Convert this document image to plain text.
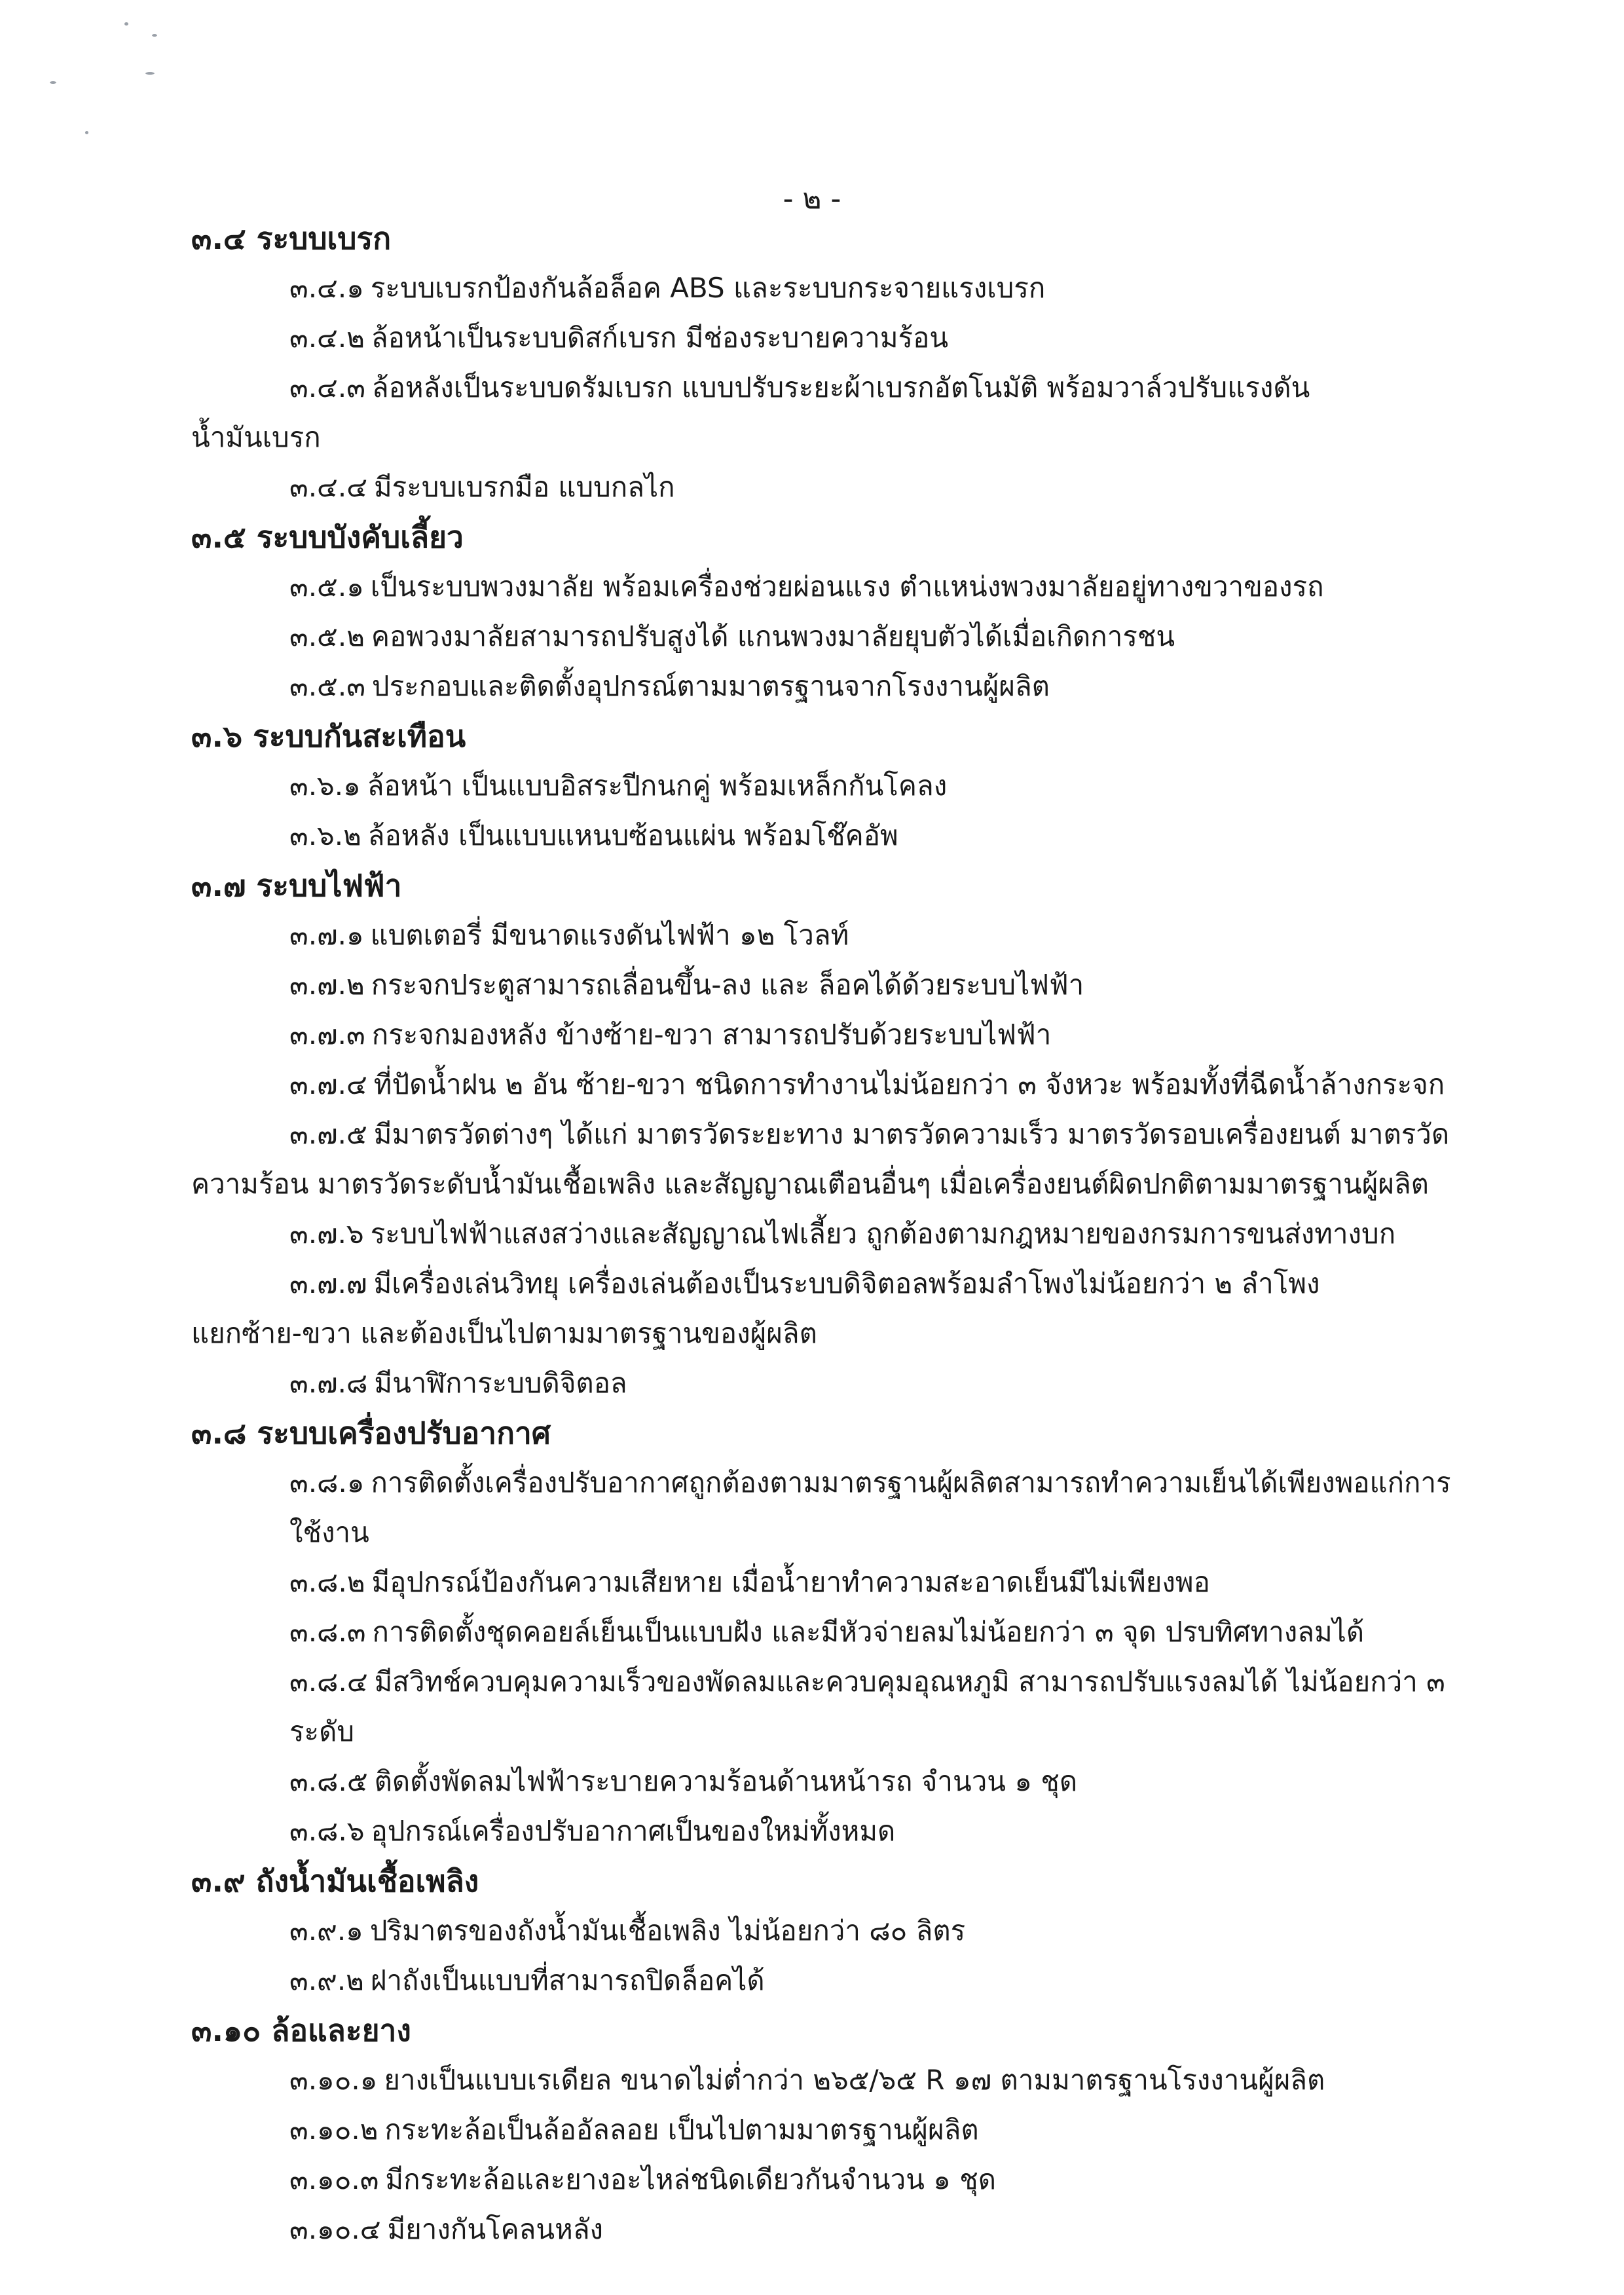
- ๒ -

๓.๔ ระบบเบรก

๓.๔.๑ ระบบเบรกป้องกันล้อล็อค ABS และระบบกระจายแรงเบรก

๓.๔.๒ ล้อหน้าเป็นระบบดิสก์เบรก มีช่องระบายความร้อน

๓.๔.๓ ล้อหลังเป็นระบบดรัมเบรก แบบปรับระยะผ้าเบรกอัตโนมัติ พร้อมวาล์วปรับแรงดัน
น้ำมันเบรก

๓.๔.๔ มีระบบเบรกมือ แบบกลไก

๓.๕ ระบบบังคับเลี้ยว

๓.๕.๑ เป็นระบบพวงมาลัย พร้อมเครื่องช่วยผ่อนแรง ตำแหน่งพวงมาลัยอยู่ทางขวาของรถ

๓.๕.๒ คอพวงมาลัยสามารถปรับสูงได้ แกนพวงมาลัยยุบตัวได้เมื่อเกิดการชน

๓.๕.๓ ประกอบและติดตั้งอุปกรณ์ตามมาตรฐานจากโรงงานผู้ผลิต

๓.๖ ระบบกันสะเทือน

๓.๖.๑ ล้อหน้า เป็นแบบอิสระปีกนกคู่ พร้อมเหล็กกันโคลง

๓.๖.๒ ล้อหลัง เป็นแบบแหนบซ้อนแผ่น พร้อมโช๊คอัพ

๓.๗ ระบบไฟฟ้า

๓.๗.๑ แบตเตอรี่ มีขนาดแรงดันไฟฟ้า ๑๒ โวลท์

๓.๗.๒ กระจกประตูสามารถเลื่อนขึ้น-ลง และ ล็อคได้ด้วยระบบไฟฟ้า

๓.๗.๓ กระจกมองหลัง ข้างซ้าย-ขวา สามารถปรับด้วยระบบไฟฟ้า

๓.๗.๔ ที่ปัดน้ำฝน ๒ อัน ซ้าย-ขวา ชนิดการทำงานไม่น้อยกว่า ๓ จังหวะ พร้อมทั้งที่ฉีดน้ำล้างกระจก

๓.๗.๕ มีมาตรวัดต่างๆ ได้แก่ มาตรวัดระยะทาง มาตรวัดความเร็ว มาตรวัดรอบเครื่องยนต์ มาตรวัด
ความร้อน มาตรวัดระดับน้ำมันเชื้อเพลิง และสัญญาณเตือนอื่นๆ เมื่อเครื่องยนต์ผิดปกติตามมาตรฐานผู้ผลิต

๓.๗.๖ ระบบไฟฟ้าแสงสว่างและสัญญาณไฟเลี้ยว ถูกต้องตามกฎหมายของกรมการขนส่งทางบก

๓.๗.๗ มีเครื่องเล่นวิทยุ เครื่องเล่นต้องเป็นระบบดิจิตอลพร้อมลำโพงไม่น้อยกว่า ๒ ลำโพง
แยกซ้าย-ขวา และต้องเป็นไปตามมาตรฐานของผู้ผลิต

๓.๗.๘ มีนาฬิการะบบดิจิตอล

๓.๘ ระบบเครื่องปรับอากาศ

๓.๘.๑ การติดตั้งเครื่องปรับอากาศถูกต้องตามมาตรฐานผู้ผลิตสามารถทำความเย็นได้เพียงพอแก่การใช้งาน

๓.๘.๒ มีอุปกรณ์ป้องกันความเสียหาย เมื่อน้ำยาทำความสะอาดเย็นมีไม่เพียงพอ

๓.๘.๓ การติดตั้งชุดคอยล์เย็นเป็นแบบฝัง และมีหัวจ่ายลมไม่น้อยกว่า ๓ จุด ปรบทิศทางลมได้

๓.๘.๔ มีสวิทช์ควบคุมความเร็วของพัดลมและควบคุมอุณหภูมิ สามารถปรับแรงลมได้ ไม่น้อยกว่า ๓ ระดับ

๓.๘.๕ ติดตั้งพัดลมไฟฟ้าระบายความร้อนด้านหน้ารถ จำนวน ๑ ชุด

๓.๘.๖ อุปกรณ์เครื่องปรับอากาศเป็นของใหม่ทั้งหมด

๓.๙ ถังน้ำมันเชื้อเพลิง

๓.๙.๑ ปริมาตรของถังน้ำมันเชื้อเพลิง ไม่น้อยกว่า ๘๐ ลิตร

๓.๙.๒ ฝาถังเป็นแบบที่สามารถปิดล็อคได้

๓.๑๐ ล้อและยาง

๓.๑๐.๑ ยางเป็นแบบเรเดียล ขนาดไม่ต่ำกว่า ๒๖๕/๖๕ R ๑๗ ตามมาตรฐานโรงงานผู้ผลิต

๓.๑๐.๒ กระทะล้อเป็นล้ออัลลอย เป็นไปตามมาตรฐานผู้ผลิต

๓.๑๐.๓ มีกระทะล้อและยางอะไหล่ชนิดเดียวกันจำนวน ๑ ชุด

๓.๑๐.๔ มียางกันโคลนหลัง
